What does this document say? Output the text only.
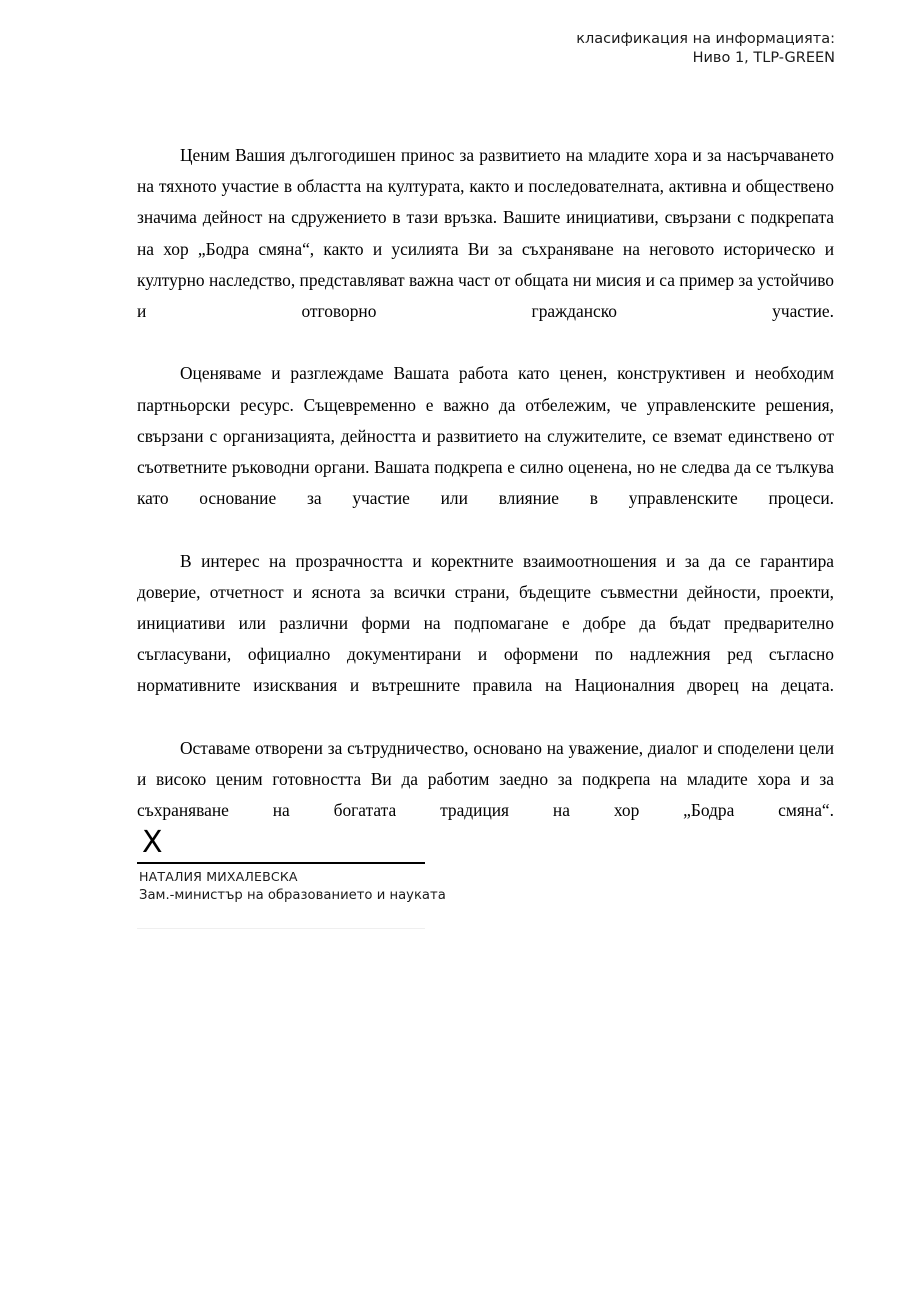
класификация на информацията:
Ниво 1, TLP-GREEN

Ценим Вашия дългогодишен принос за развитието на младите хора и за насърчаването на тяхното участие в областта на културата, както и последователната, активна и обществено значима дейност на сдружението в тази връзка. Вашите инициативи, свързани с подкрепата на хор „Бодра смяна“, както и усилията Ви за съхраняване на неговото историческо и културно наследство, представляват важна част от общата ни мисия и са пример за устойчиво и отговорно гражданско участие.

Оценяваме и разглеждаме Вашата работа като ценен, конструктивен и необходим партньорски ресурс. Същевременно е важно да отбележим, че управленските решения, свързани с организацията, дейността и развитието на служителите, се вземат единствено от съответните ръководни органи. Вашата подкрепа е силно оценена, но не следва да се тълкува като основание за участие или влияние в управленските процеси.

В интерес на прозрачността и коректните взаимоотношения и за да се гарантира доверие, отчетност и яснота за всички страни, бъдещите съвместни дейности, проекти, инициативи или различни форми на подпомагане е добре да бъдат предварително съгласувани, официално документирани и оформени по надлежния ред съгласно нормативните изисквания и вътрешните правила на Националния дворец на децата.

Оставаме отворени за сътрудничество, основано на уважение, диалог и споделени цели и високо ценим готовността Ви да работим заедно за подкрепа на младите хора и за съхраняване на богатата традиция на хор „Бодра смяна“.

X
НАТАЛИЯ МИХАЛЕВСКА
Зам.-министър на образованието и науката
